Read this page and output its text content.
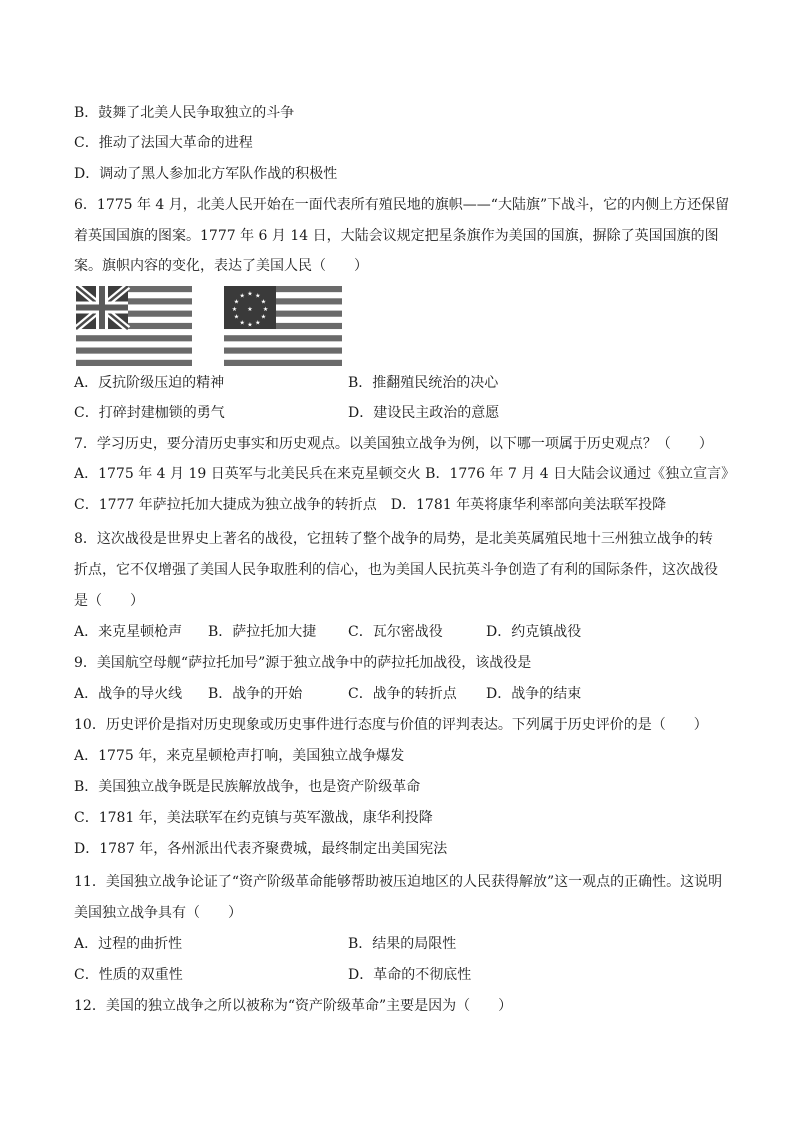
B．鼓舞了北美人民争取独立的斗争
C．推动了法国大革命的进程
D．调动了黑人参加北方军队作战的积极性
6．1775 年 4 月，北美人民开始在一面代表所有殖民地的旗帜——“大陆旗”下战斗，它的内侧上方还保留
着英国国旗的图案。1777 年 6 月 14 日，大陆会议规定把星条旗作为美国的国旗，摒除了英国国旗的图
案。旗帜内容的变化，表达了美国人民（　　）
★ ★
★
★
★
★
★
★
★
★
★
★
★
A．反抗阶级压迫的精神	B．推翻殖民统治的决心
C．打碎封建枷锁的勇气	D．建设民主政治的意愿
7．学习历史，要分清历史事实和历史观点。以美国独立战争为例，以下哪一项属于历史观点？（　　）
A．1775 年 4 月 19 日英军与北美民兵在来克星顿交火 B．1776 年 7 月 4 日大陆会议通过《独立宣言》
C．1777 年萨拉托加大捷成为独立战争的转折点　D．1781 年英将康华利率部向美法联军投降
8．这次战役是世界史上著名的战役，它扭转了整个战争的局势，是北美英属殖民地十三州独立战争的转
折点，它不仅增强了美国人民争取胜利的信心，也为美国人民抗英斗争创造了有利的国际条件，这次战役
是（　　）
A．来克星顿枪声 B．萨拉托加大捷 C．瓦尔密战役	D．约克镇战役
9．美国航空母舰“萨拉托加号”源于独立战争中的萨拉托加战役，该战役是
A．战争的导火线 B．战争的开始	C．战争的转折点 D．战争的结束
10．历史评价是指对历史现象或历史事件进行态度与价值的评判表达。下列属于历史评价的是（　　）
A．1775 年，来克星顿枪声打响，美国独立战争爆发
B．美国独立战争既是民族解放战争，也是资产阶级革命
C．1781 年，美法联军在约克镇与英军激战，康华利投降
D．1787 年，各州派出代表齐聚费城，最终制定出美国宪法
11．美国独立战争论证了“资产阶级革命能够帮助被压迫地区的人民获得解放”这一观点的正确性。这说明
美国独立战争具有（　　）
A．过程的曲折性	B．结果的局限性
C．性质的双重性	D．革命的不彻底性
12．美国的独立战争之所以被称为“资产阶级革命”主要是因为（　　）
